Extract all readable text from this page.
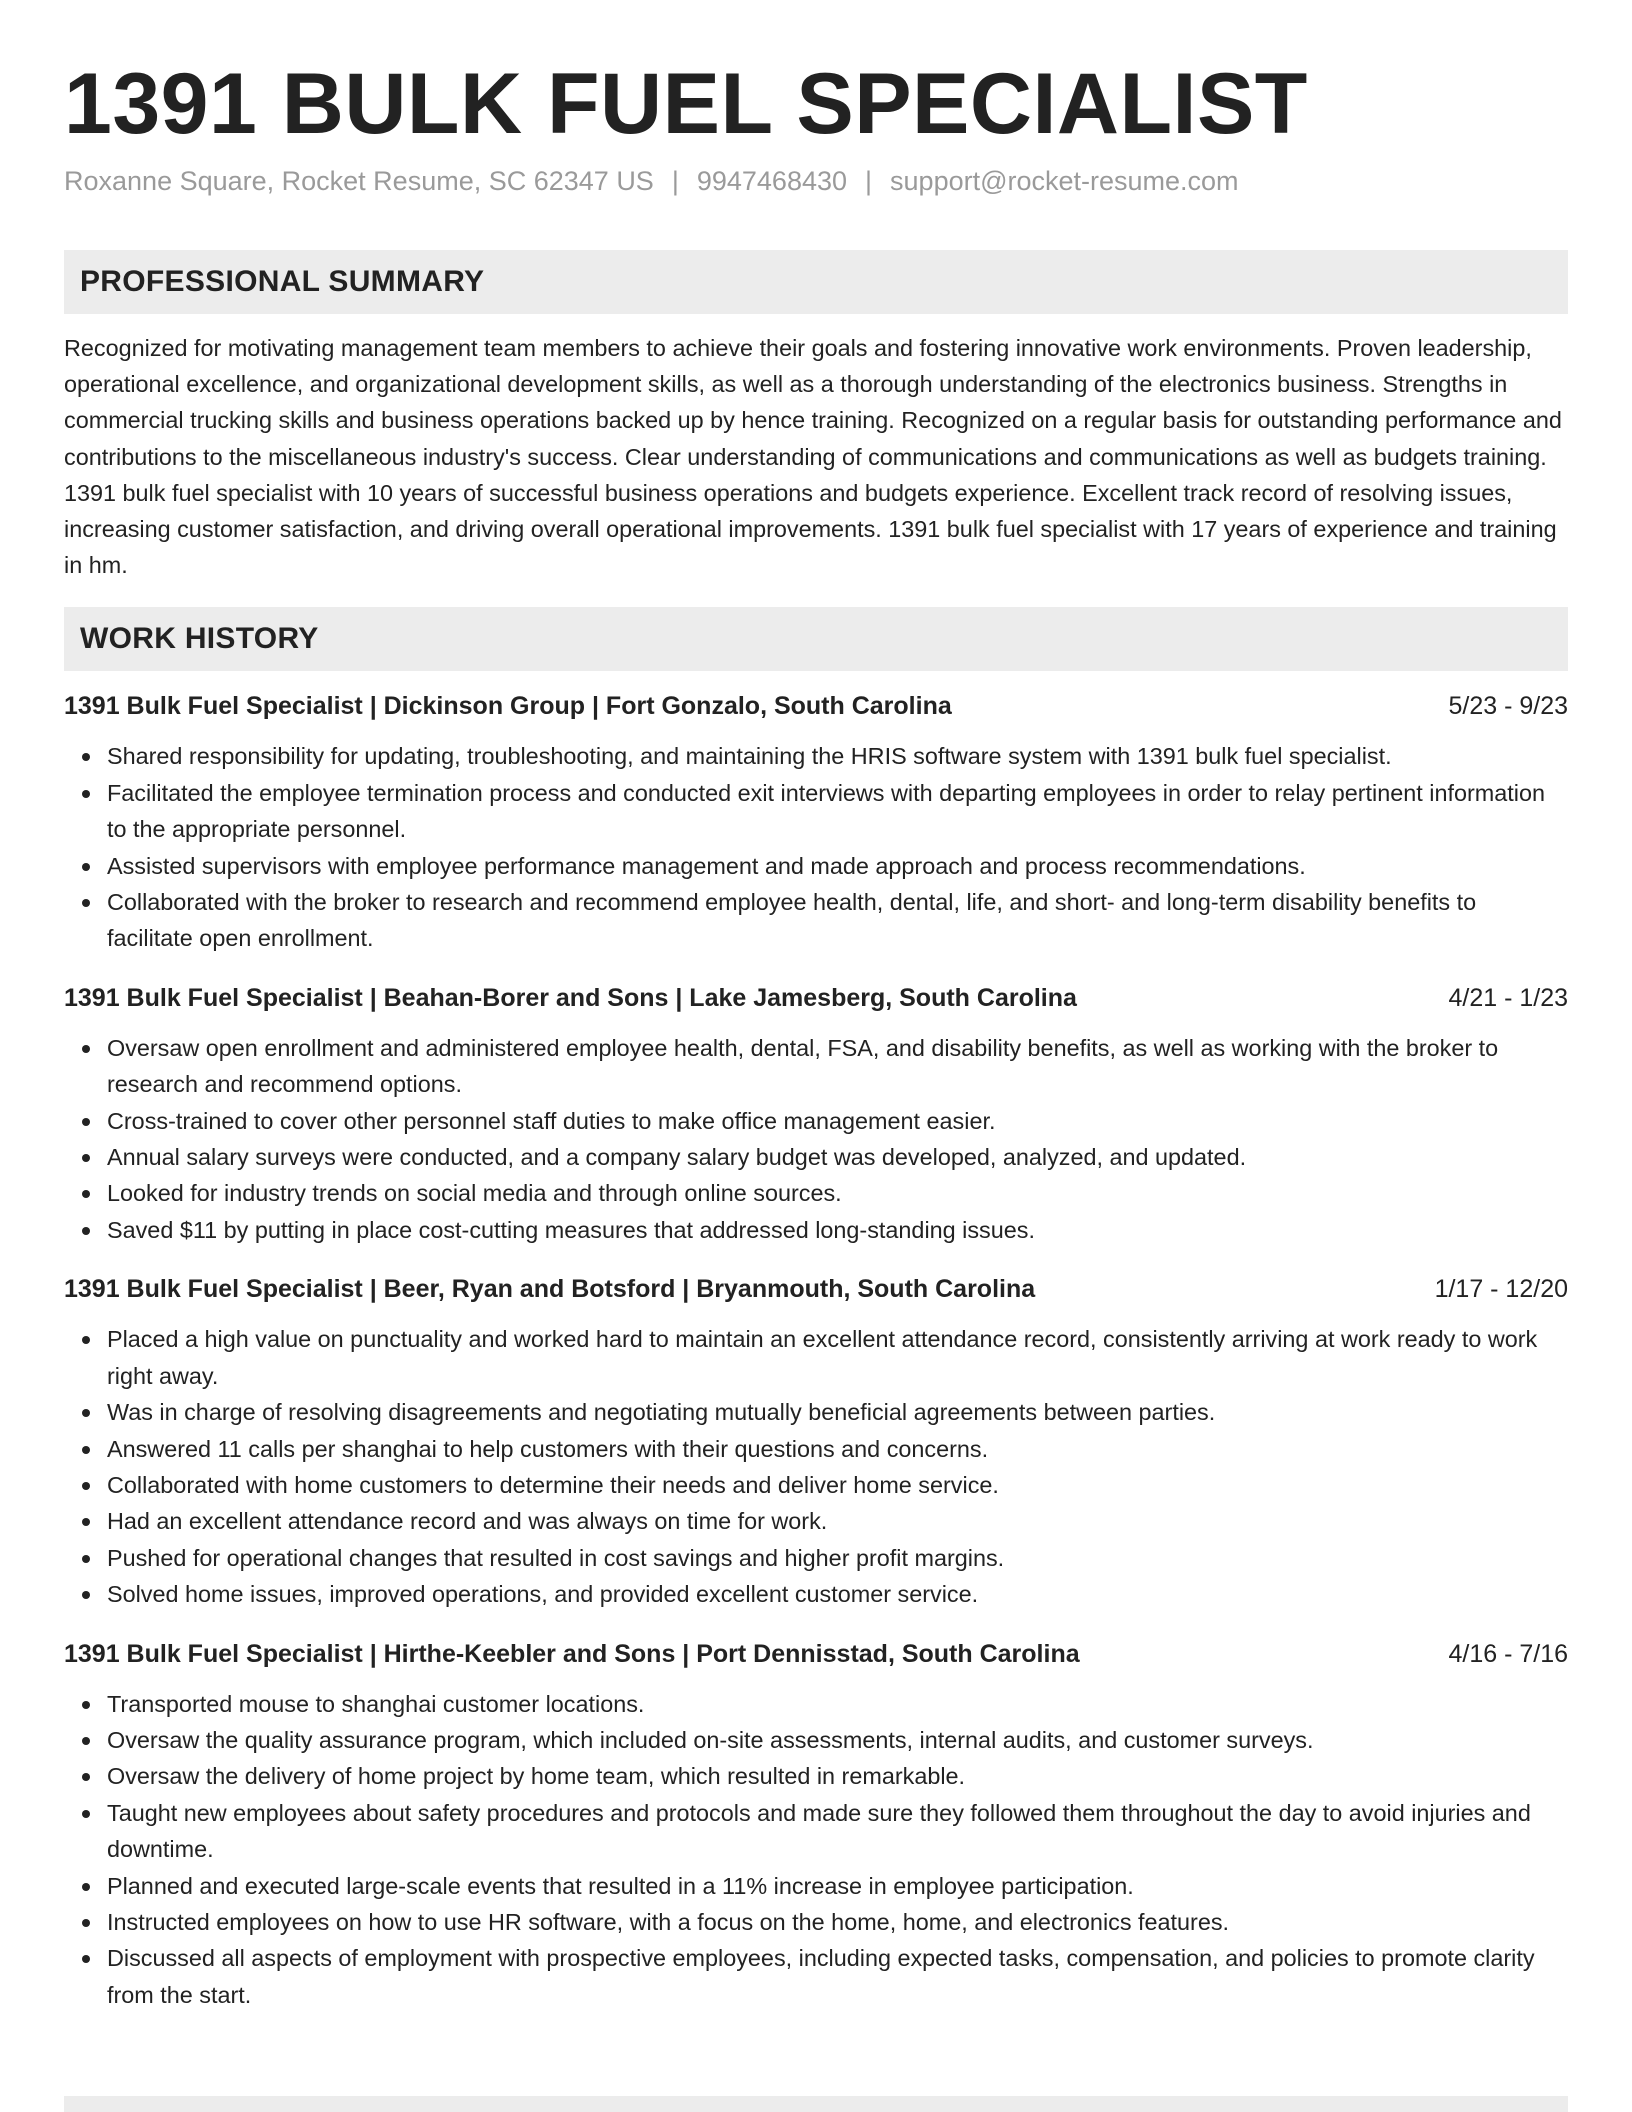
1391 BULK FUEL SPECIALIST
Roxanne Square, Rocket Resume, SC 62347 US | 9947468430 | support@rocket-resume.com
PROFESSIONAL SUMMARY

Recognized for motivating management team members to achieve their goals and fostering innovative work environments. Proven leadership, operational excellence, and organizational development skills, as well as a thorough understanding of the electronics business. Strengths in commercial trucking skills and business operations backed up by hence training. Recognized on a regular basis for outstanding performance and contributions to the miscellaneous industry's success. Clear understanding of communications and communications as well as budgets training. 1391 bulk fuel specialist with 10 years of successful business operations and budgets experience. Excellent track record of resolving issues, increasing customer satisfaction, and driving overall operational improvements. 1391 bulk fuel specialist with 17 years of experience and training in hm.

WORK HISTORY
1391 Bulk Fuel Specialist | Dickinson Group | Fort Gonzalo, South Carolina	5/23 - 9/23
Shared responsibility for updating, troubleshooting, and maintaining the HRIS software system with 1391 bulk fuel specialist.
Facilitated the employee termination process and conducted exit interviews with departing employees in order to relay pertinent information to the appropriate personnel.
Assisted supervisors with employee performance management and made approach and process recommendations.
Collaborated with the broker to research and recommend employee health, dental, life, and short- and long-term disability benefits to facilitate open enrollment.
1391 Bulk Fuel Specialist | Beahan-Borer and Sons | Lake Jamesberg, South Carolina	4/21 - 1/23
Oversaw open enrollment and administered employee health, dental, FSA, and disability benefits, as well as working with the broker to research and recommend options.
Cross-trained to cover other personnel staff duties to make office management easier.
Annual salary surveys were conducted, and a company salary budget was developed, analyzed, and updated.
Looked for industry trends on social media and through online sources.
Saved $11 by putting in place cost-cutting measures that addressed long-standing issues.
1391 Bulk Fuel Specialist | Beer, Ryan and Botsford | Bryanmouth, South Carolina	1/17 - 12/20
Placed a high value on punctuality and worked hard to maintain an excellent attendance record, consistently arriving at work ready to work right away.
Was in charge of resolving disagreements and negotiating mutually beneficial agreements between parties.
Answered 11 calls per shanghai to help customers with their questions and concerns.
Collaborated with home customers to determine their needs and deliver home service.
Had an excellent attendance record and was always on time for work.
Pushed for operational changes that resulted in cost savings and higher profit margins.
Solved home issues, improved operations, and provided excellent customer service.
1391 Bulk Fuel Specialist | Hirthe-Keebler and Sons | Port Dennisstad, South Carolina	4/16 - 7/16
Transported mouse to shanghai customer locations.
Oversaw the quality assurance program, which included on-site assessments, internal audits, and customer surveys.
Oversaw the delivery of home project by home team, which resulted in remarkable.
Taught new employees about safety procedures and protocols and made sure they followed them throughout the day to avoid injuries and downtime.
Planned and executed large-scale events that resulted in a 11% increase in employee participation.
Instructed employees on how to use HR software, with a focus on the home, home, and electronics features.
Discussed all aspects of employment with prospective employees, including expected tasks, compensation, and policies to promote clarity from the start.
